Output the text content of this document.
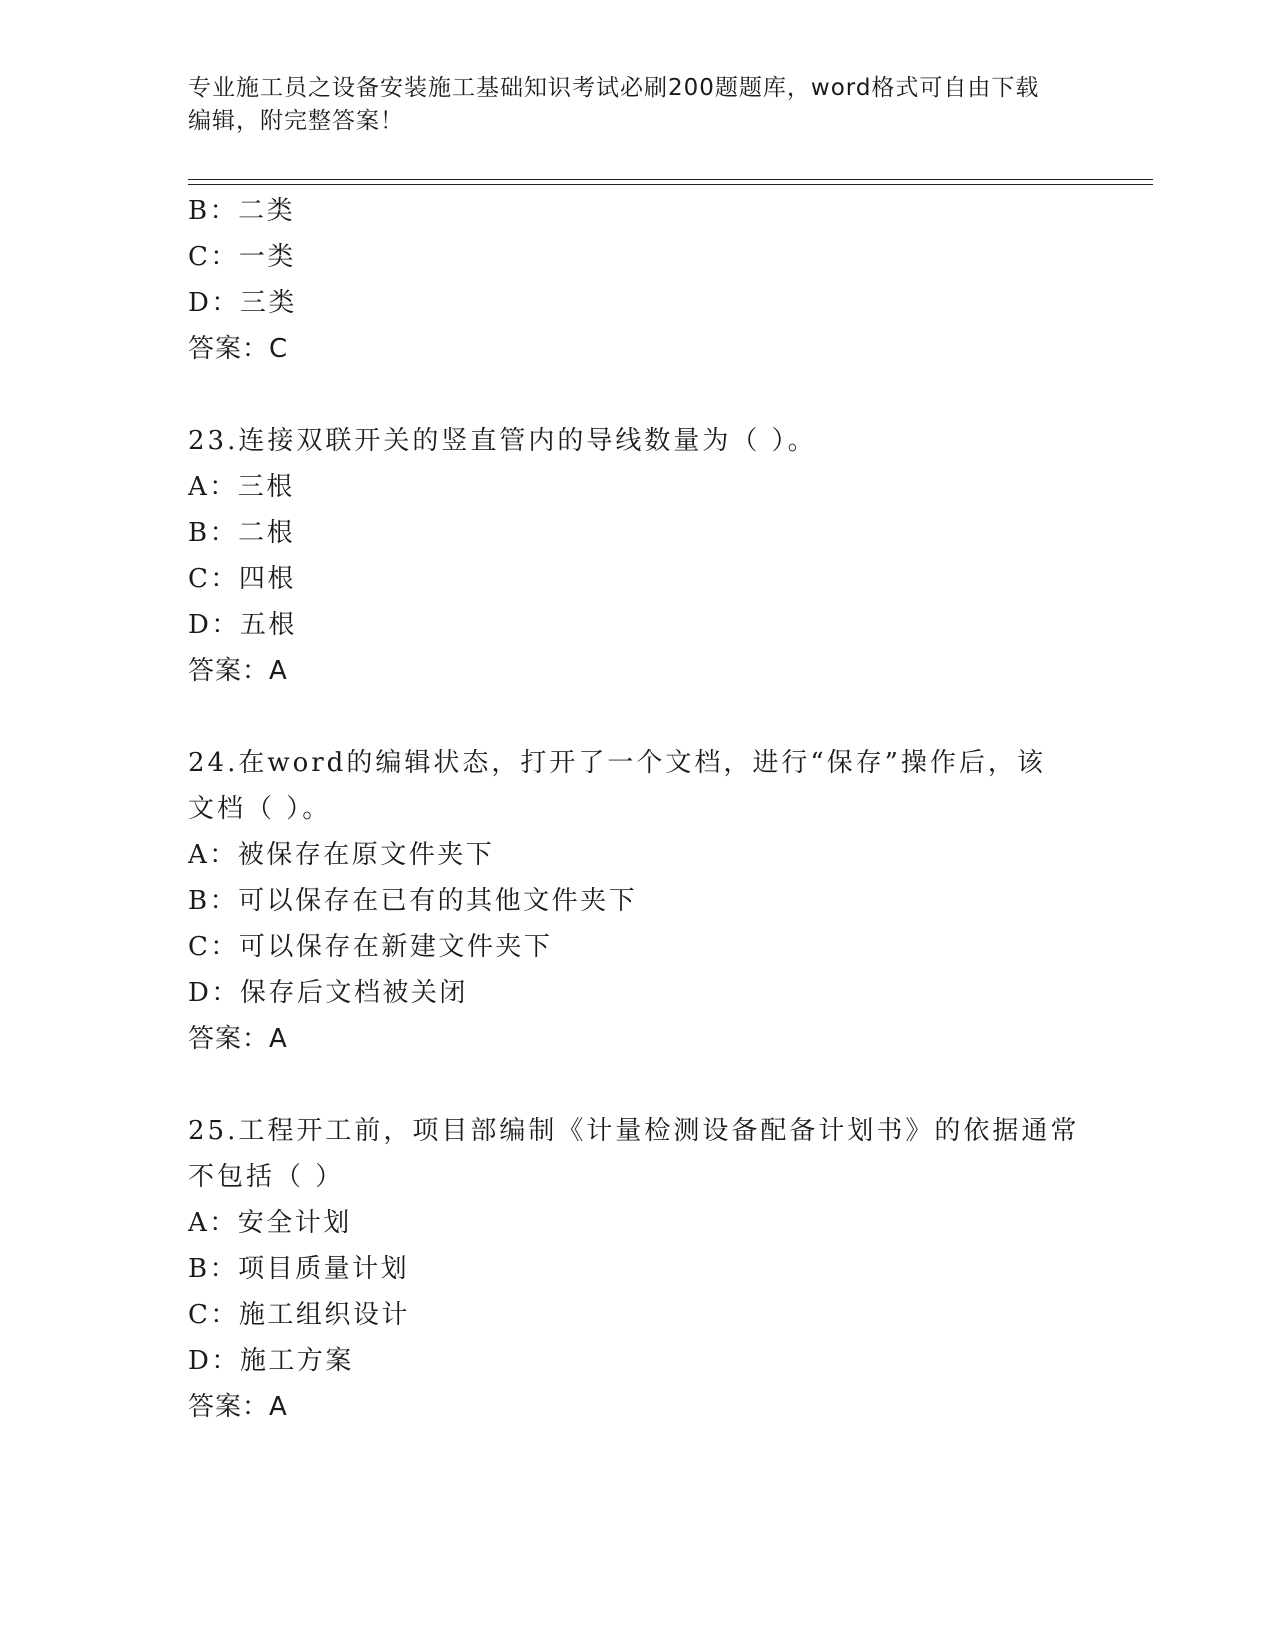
专业施工员之设备安装施工基础知识考试必刷200题题库，word格式可自由下载
编辑，附完整答案！
B：二类
C：一类
D：三类
答案：C
23.连接双联开关的竖直管内的导线数量为（ ）。
A：三根
B：二根
C：四根
D：五根
答案：A
24.在word的编辑状态，打开了一个文档，进行“保存”操作后，该
文档（ ）。
A：被保存在原文件夹下
B：可以保存在已有的其他文件夹下
C：可以保存在新建文件夹下
D：保存后文档被关闭
答案：A
25.工程开工前，项目部编制《计量检测设备配备计划书》的依据通常
不包括（ ）
A：安全计划
B：项目质量计划
C：施工组织设计
D：施工方案
答案：A
